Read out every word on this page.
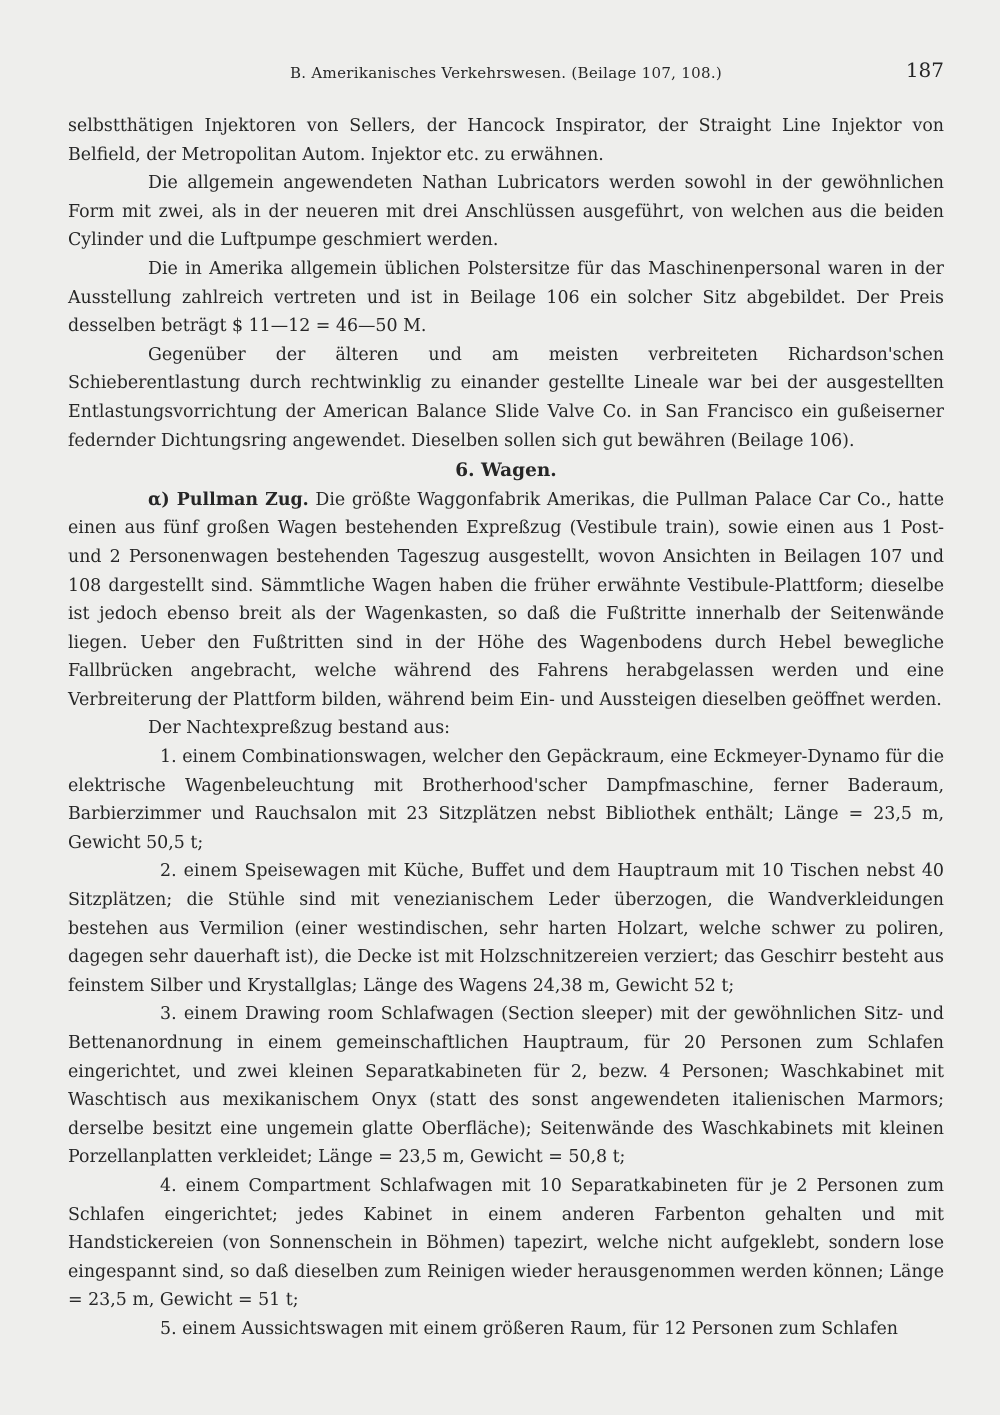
B. Amerikanisches Verkehrswesen. (Beilage 107, 108.)	187

selbstthätigen Injektoren von Sellers, der Hancock Inspirator, der Straight Line Injektor von Belfield, der Metropolitan Autom. Injektor etc. zu erwähnen.

Die allgemein angewendeten Nathan Lubricators werden sowohl in der gewöhnlichen Form mit zwei, als in der neueren mit drei Anschlüssen ausgeführt, von welchen aus die beiden Cylinder und die Luftpumpe geschmiert werden.

Die in Amerika allgemein üblichen Polstersitze für das Maschinenpersonal waren in der Ausstellung zahlreich vertreten und ist in Beilage 106 ein solcher Sitz abgebildet. Der Preis desselben beträgt $ 11—12 = 46—50 M.

Gegenüber der älteren und am meisten verbreiteten Richardson'schen Schieberentlastung durch rechtwinklig zu einander gestellte Lineale war bei der ausgestellten Entlastungsvorrichtung der American Balance Slide Valve Co. in San Francisco ein gußeiserner federnder Dichtungsring angewendet. Dieselben sollen sich gut bewähren (Beilage 106).

6. Wagen.

α) Pullman Zug. Die größte Waggonfabrik Amerikas, die Pullman Palace Car Co., hatte einen aus fünf großen Wagen bestehenden Expreßzug (Vestibule train), sowie einen aus 1 Post- und 2 Personenwagen bestehenden Tageszug ausgestellt, wovon Ansichten in Beilagen 107 und 108 dargestellt sind. Sämmtliche Wagen haben die früher erwähnte Vestibule-Plattform; dieselbe ist jedoch ebenso breit als der Wagenkasten, so daß die Fußtritte innerhalb der Seitenwände liegen. Ueber den Fußtritten sind in der Höhe des Wagenbodens durch Hebel bewegliche Fallbrücken angebracht, welche während des Fahrens herabgelassen werden und eine Verbreiterung der Plattform bilden, während beim Ein- und Aussteigen dieselben geöffnet werden.

Der Nachtexpreßzug bestand aus:

1. einem Combinationswagen, welcher den Gepäckraum, eine Eckmeyer-Dynamo für die elektrische Wagenbeleuchtung mit Brotherhood'scher Dampfmaschine, ferner Baderaum, Barbierzimmer und Rauchsalon mit 23 Sitzplätzen nebst Bibliothek enthält; Länge = 23,5 m, Gewicht 50,5 t;

2. einem Speisewagen mit Küche, Buffet und dem Hauptraum mit 10 Tischen nebst 40 Sitzplätzen; die Stühle sind mit venezianischem Leder überzogen, die Wandverkleidungen bestehen aus Vermilion (einer westindischen, sehr harten Holzart, welche schwer zu poliren, dagegen sehr dauerhaft ist), die Decke ist mit Holzschnitzereien verziert; das Geschirr besteht aus feinstem Silber und Krystallglas; Länge des Wagens 24,38 m, Gewicht 52 t;

3. einem Drawing room Schlafwagen (Section sleeper) mit der gewöhnlichen Sitz- und Bettenanordnung in einem gemeinschaftlichen Hauptraum, für 20 Personen zum Schlafen eingerichtet, und zwei kleinen Separatkabineten für 2, bezw. 4 Personen; Waschkabinet mit Waschtisch aus mexikanischem Onyx (statt des sonst angewendeten italienischen Marmors; derselbe besitzt eine ungemein glatte Oberfläche); Seitenwände des Waschkabinets mit kleinen Porzellanplatten verkleidet; Länge = 23,5 m, Gewicht = 50,8 t;

4. einem Compartment Schlafwagen mit 10 Separatkabineten für je 2 Personen zum Schlafen eingerichtet; jedes Kabinet in einem anderen Farbenton gehalten und mit Handstickereien (von Sonnenschein in Böhmen) tapezirt, welche nicht aufgeklebt, sondern lose eingespannt sind, so daß dieselben zum Reinigen wieder herausgenommen werden können; Länge = 23,5 m, Gewicht = 51 t;

5. einem Aussichtswagen mit einem größeren Raum, für 12 Personen zum Schlafen
